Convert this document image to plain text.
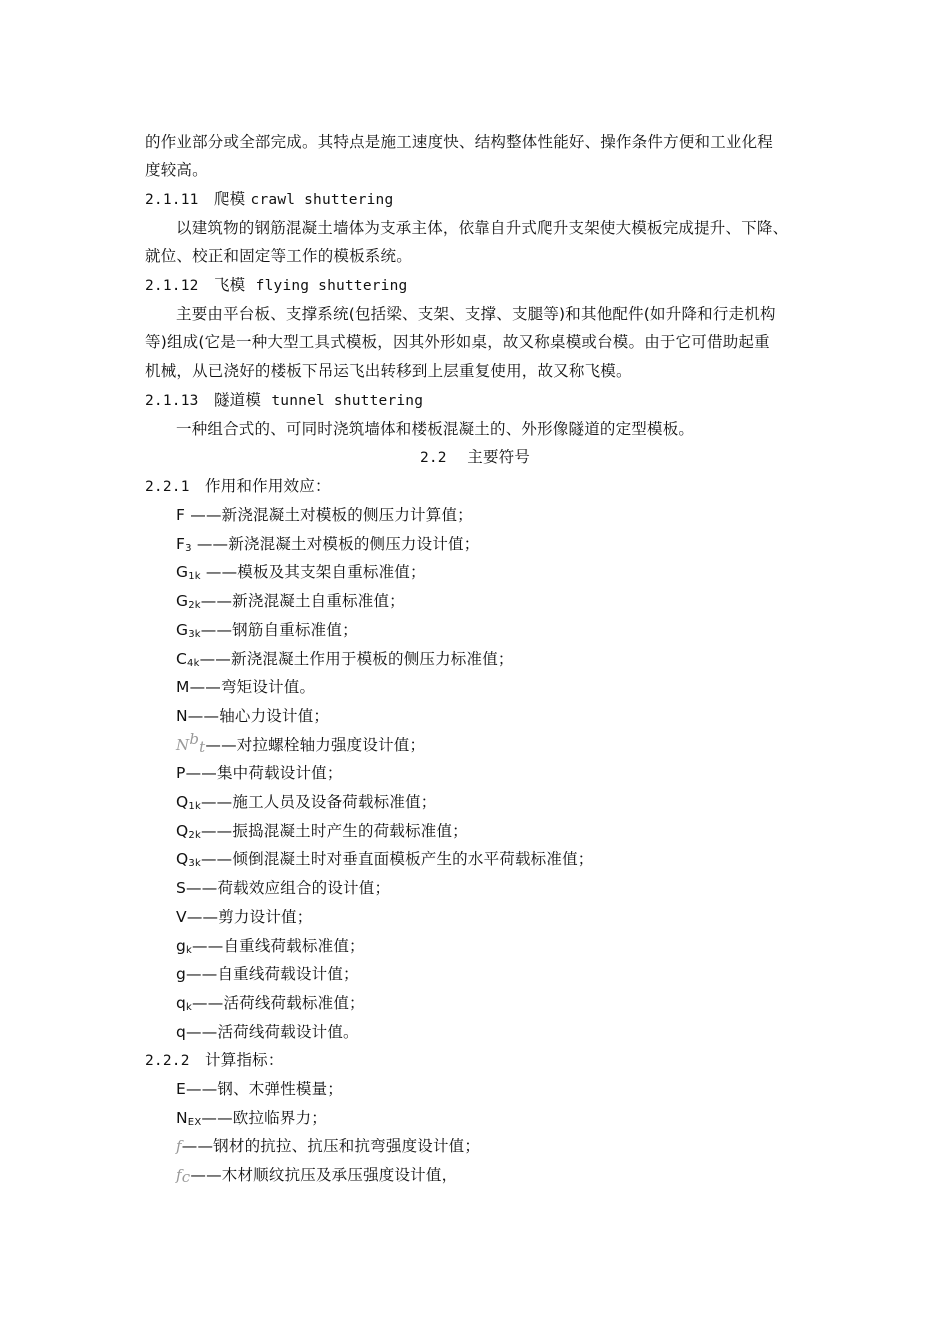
的作业部分或全部完成。其特点是施工速度快、结构整体性能好、操作条件方便和工业化程
度较高。
2.1.11 爬模 crawl shuttering
以建筑物的钢筋混凝土墙体为支承主体，依靠自升式爬升支架使大模板完成提升、下降、
就位、校正和固定等工作的模板系统。
2.1.12 飞模 flying shuttering
主要由平台板、支撑系统(包括梁、支架、支撑、支腿等)和其他配件(如升降和行走机构
等)组成(它是一种大型工具式模板，因其外形如桌，故又称桌模或台模。由于它可借助起重
机械，从已浇好的楼板下吊运飞出转移到上层重复使用，故又称飞模。
2.1.13 隧道模 tunnel shuttering
一种组合式的、可同时浇筑墙体和楼板混凝土的、外形像隧道的定型模板。
2.2 主要符号
2.2.1 作用和作用效应：
F ——新浇混凝土对模板的侧压力计算值；
$F_3$ ——新浇混凝土对模板的侧压力设计值；
$G_{1k}$ ——模板及其支架自重标准值；
$G_{2k}——$新浇混凝土自重标准值；
$G_{3k}——$钢筋自重标准值；
$C_{4k}——$新浇混凝土作用于模板的侧压力标准值；
M——弯矩设计值。
N——轴心力设计值；
$N^b_t——$对拉螺栓轴力强度设计值；
P——集中荷载设计值；
$Q_{1k}——$施工人员及设备荷载标准值；
$Q_{2k}——$振捣混凝土时产生的荷载标准值；
$Q_{3k}——$倾倒混凝土时对垂直面模板产生的水平荷载标准值；
S——荷载效应组合的设计值；
V——剪力设计值；
$g_k——$自重线荷载标准值；
g——自重线荷载设计值；
$q_k——$活荷线荷载标准值；
q——活荷线荷载设计值。
2.2.2 计算指标：
E——钢、木弹性模量；
$N_{EX}——$欧拉临界力；
f——钢材的抗拉、抗压和抗弯强度设计值；
$f_c——$木材顺纹抗压及承压强度设计值，
